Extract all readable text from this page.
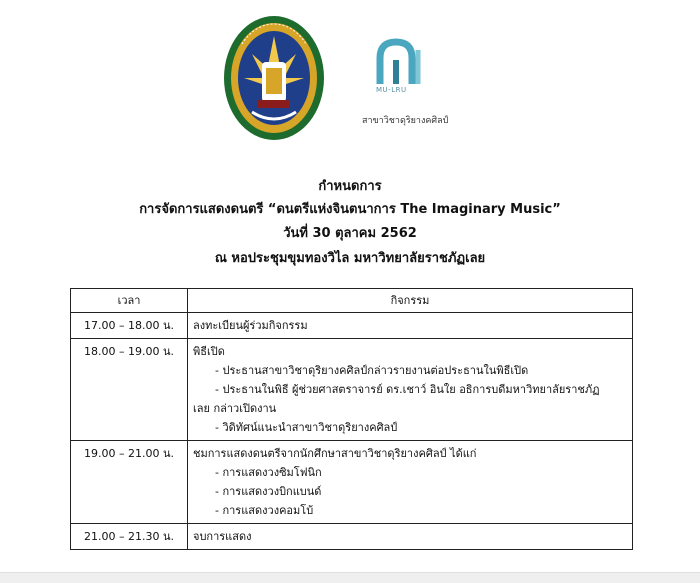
MU-LRU
สาขาวิชาดุริยางคศิลป์
กำหนดการ
การจัดการแสดงดนตรี “ดนตรีแห่งจินตนาการ The Imaginary Music”
วันที่ 30 ตุลาคม 2562
ณ หอประชุมขุมทองวิไล มหาวิทยาลัยราชภัฏเลย
เวลา	กิจกรรม
17.00 – 18.00 น.	ลงทะเบียนผู้ร่วมกิจกรรม

18.00 – 19.00 น.	พิธีเปิด
- ประธานสาขาวิชาดุริยางคศิลป์กล่าวรายงานต่อประธานในพิธีเปิด
- ประธานในพิธี ผู้ช่วยศาสตราจารย์ ดร.เชาว์ อินใย อธิการบดีมหาวิทยาลัยราชภัฏ
เลย กล่าวเปิดงาน
- วิดิทัศน์แนะนำสาขาวิชาดุริยางคศิลป์

19.00 – 21.00 น.	ชมการแสดงดนตรีจากนักศึกษาสาขาวิชาดุริยางคศิลป์ ได้แก่
- การแสดงวงซิมโฟนิก
- การแสดงวงบิกแบนด์
- การแสดงวงคอมโบ้

21.00 – 21.30 น.	จบการแสดง
